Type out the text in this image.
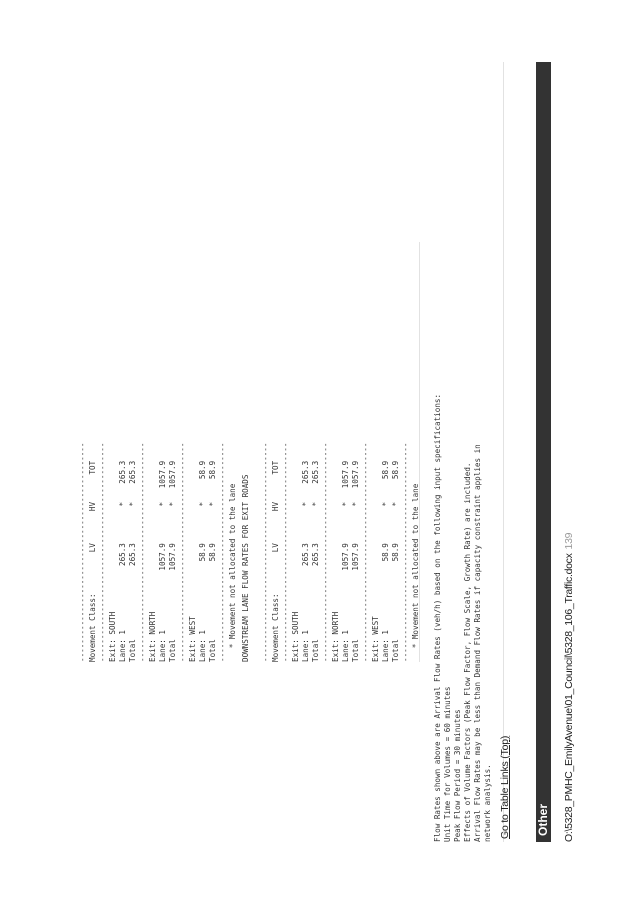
------------------------------------------------
Movement Class:         LV       HV      TOT
------------------------------------------------
Exit: SOUTH
Lane: 1              265.3        *    265.3
Total                265.3        *    265.3
------------------------------------------------
Exit: NORTH
Lane: 1             1057.9        *   1057.9
Total               1057.9        *   1057.9
------------------------------------------------
Exit: WEST
Lane: 1               58.9        *     58.9
Total                 58.9        *     58.9
------------------------------------------------
* Movement not allocated to the lane
DOWNSTREAM LANE FLOW RATES FOR EXIT ROADS

------------------------------------------------
Movement Class:         LV       HV      TOT
------------------------------------------------
Exit: SOUTH
Lane: 1              265.3        *    265.3
Total                265.3        *    265.3
------------------------------------------------
Exit: NORTH
Lane: 1             1057.9        *   1057.9
Total               1057.9        *   1057.9
------------------------------------------------
Exit: WEST
Lane: 1               58.9        *     58.9
Total                 58.9        *     58.9
------------------------------------------------
* Movement not allocated to the lane
Flow Rates shown above are Arrival Flow Rates (veh/h) based on the following input specifications:
Unit Time for Volumes = 60 minutes
Peak Flow Period = 30 minutes
Effects of Volume Factors (Peak Flow Factor, Flow Scale, Growth Rate) are included.
Arrival Flow Rates may be less than Demand Flow Rates if capacity constraint applies in
network analysis. Go to Table Links (Top) Other O:\5328_PMHC_EmilyAvenue\01_Council\5328_106_Traffic.docx139
